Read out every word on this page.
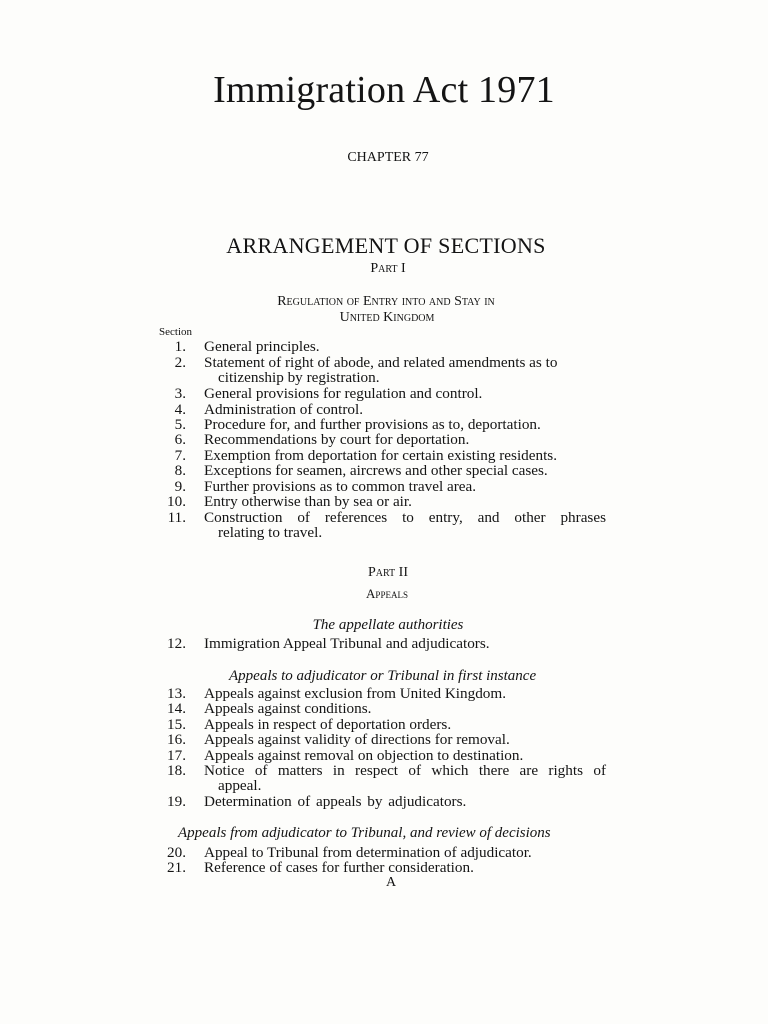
Immigration Act 1971
CHAPTER 77
ARRANGEMENT OF SECTIONS
Part I
Regulation of Entry into and Stay in
United Kingdom
Section
1. General principles.
2. Statement of right of abode, and related amendments as to
citizenship by registration.
3. General provisions for regulation and control.
4. Administration of control.
5. Procedure for, and further provisions as to, deportation.
6. Recommendations by court for deportation.
7. Exemption from deportation for certain existing residents.
8. Exceptions for seamen, aircrews and other special cases.
9. Further provisions as to common travel area.
10. Entry otherwise than by sea or air.
11. Construction of references to entry, and other phrases
relating to travel.
Part II
Appeals
The appellate authorities
12. Immigration Appeal Tribunal and adjudicators.
Appeals to adjudicator or Tribunal in first instance
13. Appeals against exclusion from United Kingdom.
14. Appeals against conditions.
15. Appeals in respect of deportation orders.
16. Appeals against validity of directions for removal.
17. Appeals against removal on objection to destination.
18. Notice of matters in respect of which there are rights of
appeal.
19. Determination of appeals by adjudicators.
Appeals from adjudicator to Tribunal, and review of decisions
20. Appeal to Tribunal from determination of adjudicator.
21. Reference of cases for further consideration.
A
